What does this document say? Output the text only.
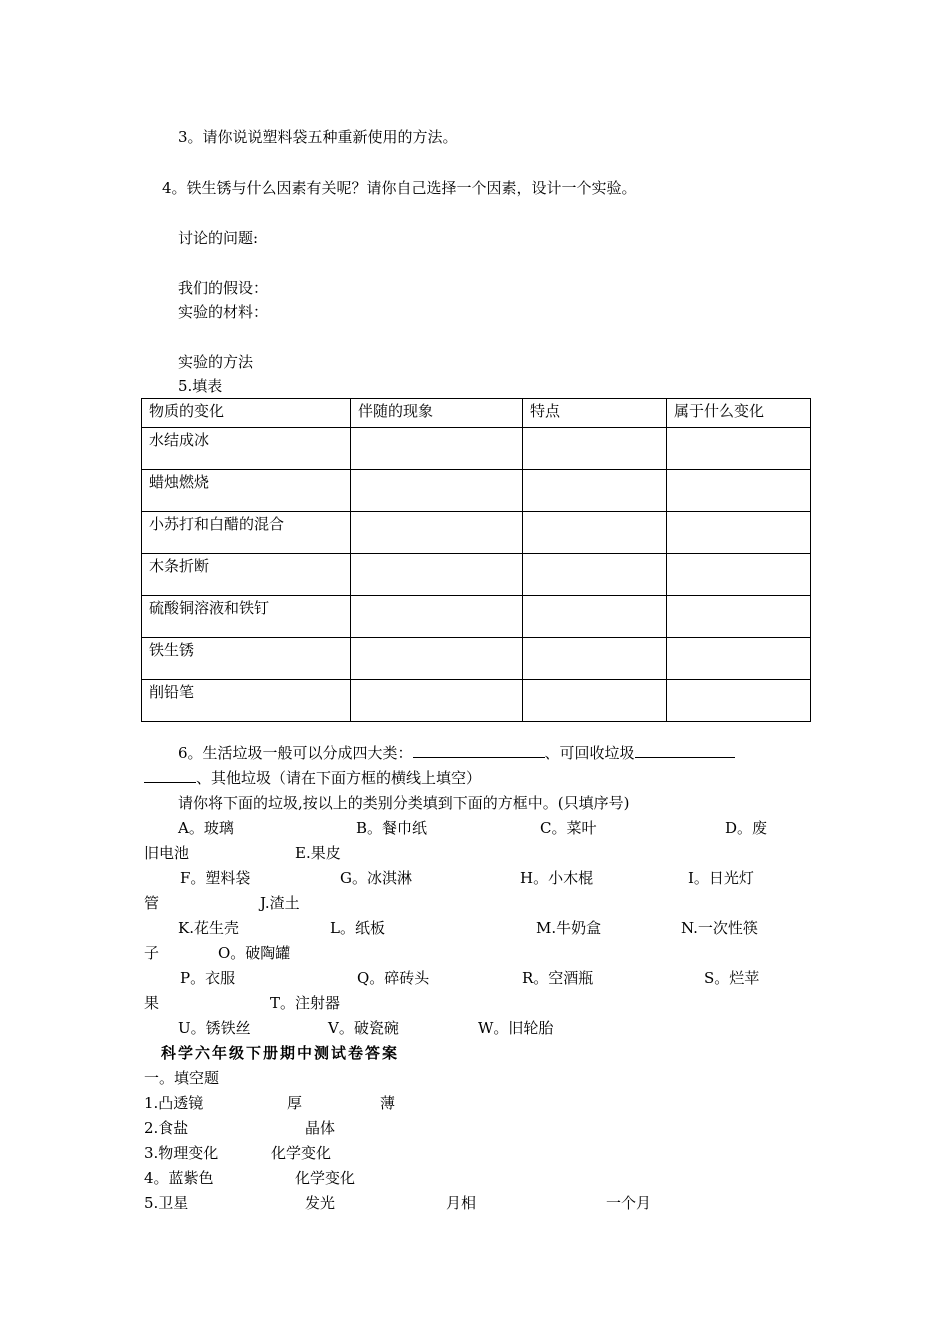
3。请你说说塑料袋五种重新使用的方法。
4。铁生锈与什么因素有关呢？请你自己选择一个因素，设计一个实验。
讨论的问题:
我们的假设：
实验的材料：
实验的方法
5.填表
物质的变化	伴随的现象	特点	属于什么变化
水结成冰			
蜡烛燃烧			
小苏打和白醋的混合			
木条折断			
硫酸铜溶液和铁钉			
铁生锈			
削铅笔			
6。生活垃圾一般可以分成四大类：	、可回收垃圾
、其他垃圾（请在下面方框的横线上填空）
请你将下面的垃圾,按以上的类别分类填到下面的方框中。(只填序号)
A。玻璃	B。餐巾纸	C。菜叶	D。废
旧电池	E.果皮
F。塑料袋	G。冰淇淋	H。小木棍	I。日光灯
管	J.渣土
K.花生壳	L。纸板	M.牛奶盒	N.一次性筷
子	O。破陶罐
P。衣服	Q。碎砖头	R。空酒瓶	S。烂苹
果	T。注射器
U。锈铁丝	V。破瓷碗	W。旧轮胎
科学六年级下册期中测试卷答案
一。填空题
1.凸透镜	厚	薄
2.食盐	晶体
3.物理变化	化学变化
4。蓝紫色	化学变化
5.卫星	发光	月相	一个月
